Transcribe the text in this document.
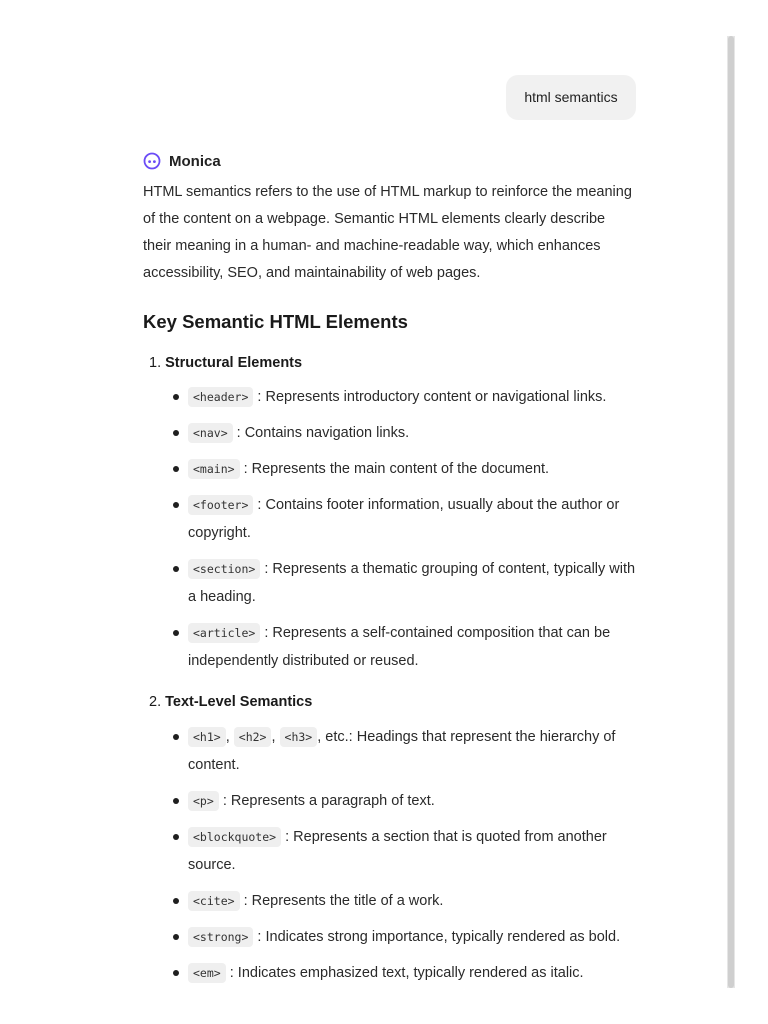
html semantics
Monica

HTML semantics refers to the use of HTML markup to reinforce the meaning of the content on a webpage. Semantic HTML elements clearly describe their meaning in a human- and machine-readable way, which enhances accessibility, SEO, and maintainability of web pages.

Key Semantic HTML Elements
1. Structural Elements
<header> : Represents introductory content or navigational links.
<nav> : Contains navigation links.
<main> : Represents the main content of the document.
<footer> : Contains footer information, usually about the author or copyright.
<section> : Represents a thematic grouping of content, typically with a heading.
<article> : Represents a self-contained composition that can be independently distributed or reused.
2. Text-Level Semantics
<h1> , <h2> , <h3> , etc.: Headings that represent the hierarchy of content.
<p> : Represents a paragraph of text.
<blockquote> : Represents a section that is quoted from another source.
<cite> : Represents the title of a work.
<strong> : Indicates strong importance, typically rendered as bold.
<em> : Indicates emphasized text, typically rendered as italic.
